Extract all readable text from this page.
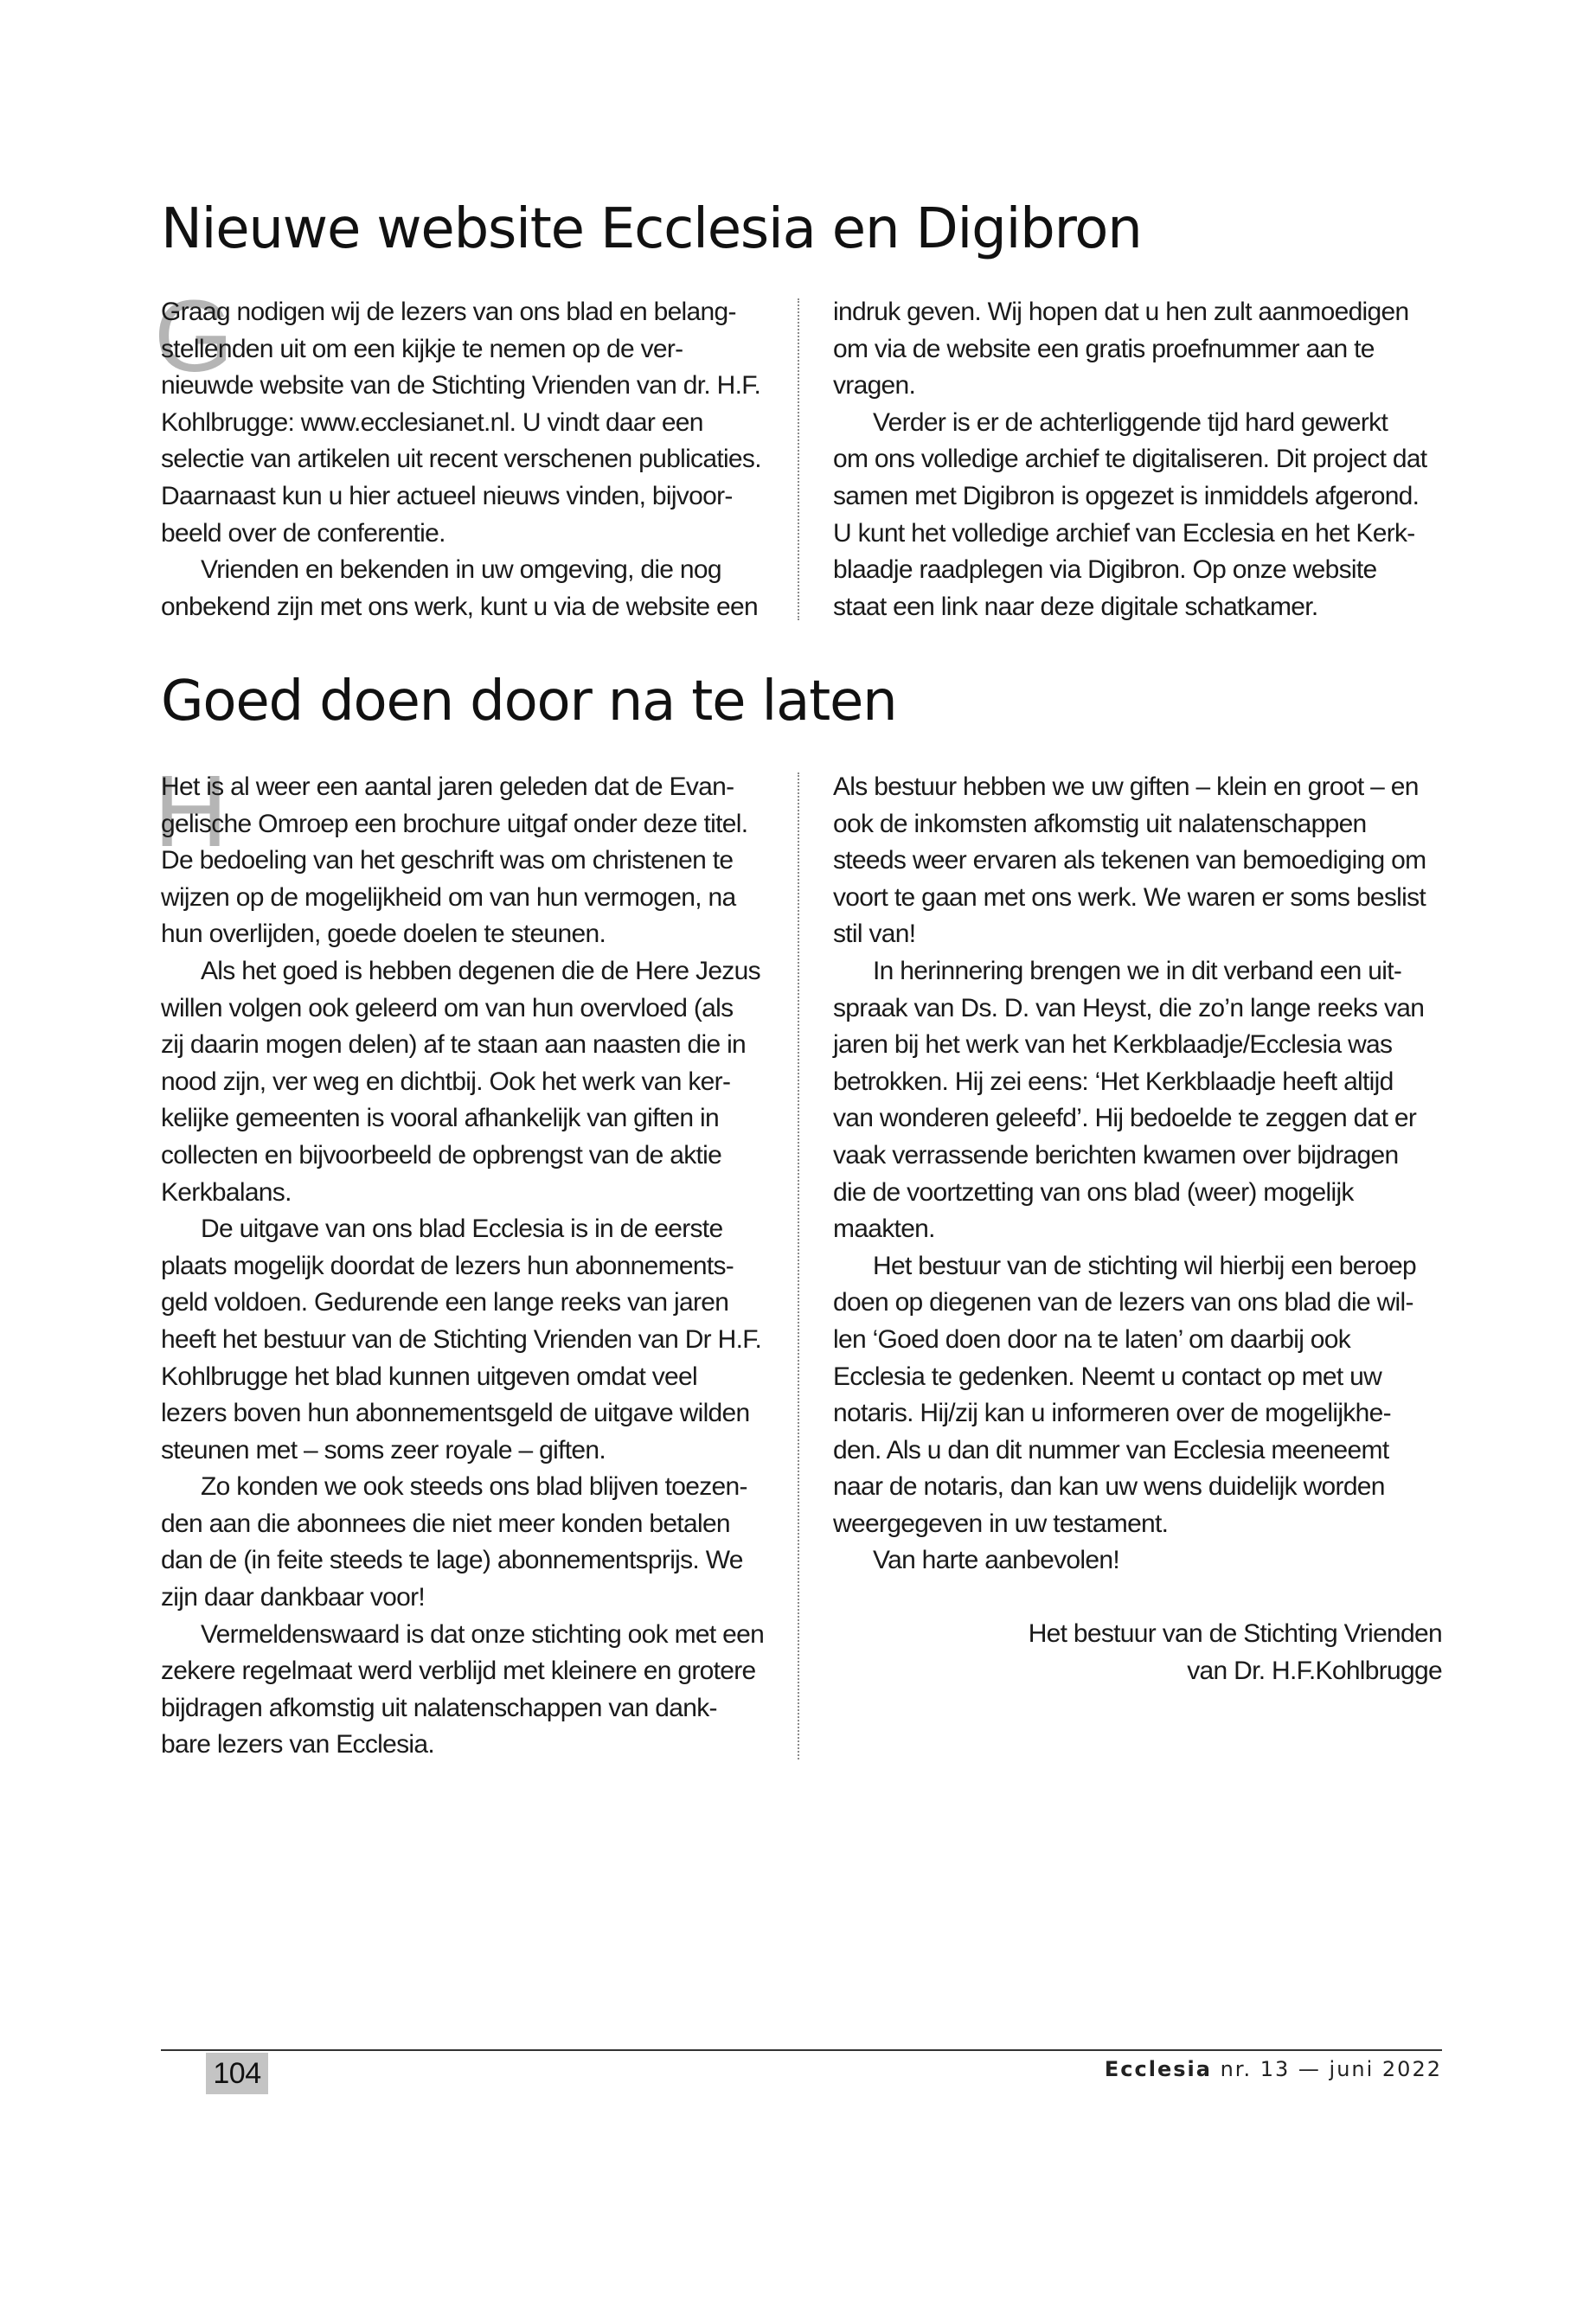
Nieuwe website Ecclesia en Digibron
G

Graag nodigen wij de lezers van ons blad en belang-
stellenden uit om een kijkje te nemen op de ver-
nieuwde website van de Stichting Vrienden van dr. H.F.
Kohlbrugge: www.ecclesianet.nl. U vindt daar een
selectie van artikelen uit recent verschenen publicaties.
Daarnaast kun u hier actueel nieuws vinden, bijvoor-
beeld over de conferentie.

Vrienden en bekenden in uw omgeving, die nog
onbekend zijn met ons werk, kunt u via de website een

indruk geven. Wij hopen dat u hen zult aanmoedigen
om via de website een gratis proefnummer aan te
vragen.

Verder is er de achterliggende tijd hard gewerkt
om ons volledige archief te digitaliseren. Dit project dat
samen met Digibron is opgezet is inmiddels afgerond.
U kunt het volledige archief van Ecclesia en het Kerk-
blaadje raadplegen via Digibron. Op onze website
staat een link naar deze digitale schatkamer.

Goed doen door na te laten
H

Het is al weer een aantal jaren geleden dat de Evan-
gelische Omroep een brochure uitgaf onder deze titel.
De bedoeling van het geschrift was om christenen te
wijzen op de mogelijkheid om van hun vermogen, na
hun overlijden, goede doelen te steunen.

Als het goed is hebben degenen die de Here Jezus
willen volgen ook geleerd om van hun overvloed (als
zij daarin mogen delen) af te staan aan naasten die in
nood zijn, ver weg en dichtbij. Ook het werk van ker-
kelijke gemeenten is vooral afhankelijk van giften in
collecten en bijvoorbeeld de opbrengst van de aktie
Kerkbalans.

De uitgave van ons blad Ecclesia is in de eerste
plaats mogelijk doordat de lezers hun abonnements-
geld voldoen. Gedurende een lange reeks van jaren
heeft het bestuur van de Stichting Vrienden van Dr H.F.
Kohlbrugge het blad kunnen uitgeven omdat veel
lezers boven hun abonnementsgeld de uitgave wilden
steunen met – soms zeer royale – giften.

Zo konden we ook steeds ons blad blijven toezen-
den aan die abonnees die niet meer konden betalen
dan de (in feite steeds te lage) abonnementsprijs. We
zijn daar dankbaar voor!

Vermeldenswaard is dat onze stichting ook met een
zekere regelmaat werd verblijd met kleinere en grotere
bijdragen afkomstig uit nalatenschappen van dank-
bare lezers van Ecclesia.

Als bestuur hebben we uw giften – klein en groot – en
ook de inkomsten afkomstig uit nalatenschappen
steeds weer ervaren als tekenen van bemoediging om
voort te gaan met ons werk. We waren er soms beslist
stil van!

In herinnering brengen we in dit verband een uit-
spraak van Ds. D. van Heyst, die zo’n lange reeks van
jaren bij het werk van het Kerkblaadje/Ecclesia was
betrokken. Hij zei eens: ‘Het Kerkblaadje heeft altijd
van wonderen geleefd’. Hij bedoelde te zeggen dat er
vaak verrassende berichten kwamen over bijdragen
die de voortzetting van ons blad (weer) mogelijk
maakten.

Het bestuur van de stichting wil hierbij een beroep
doen op diegenen van de lezers van ons blad die wil-
len ‘Goed doen door na te laten’ om daarbij ook
Ecclesia te gedenken. Neemt u contact op met uw
notaris. Hij/zij kan u informeren over de mogelijkhe-
den. Als u dan dit nummer van Ecclesia meeneemt
naar de notaris, dan kan uw wens duidelijk worden
weergegeven in uw testament.

Van harte aanbevolen!

Het bestuur van de Stichting Vrienden
van Dr. H.F.Kohlbrugge

104	Ecclesia nr. 13 — juni 2022
